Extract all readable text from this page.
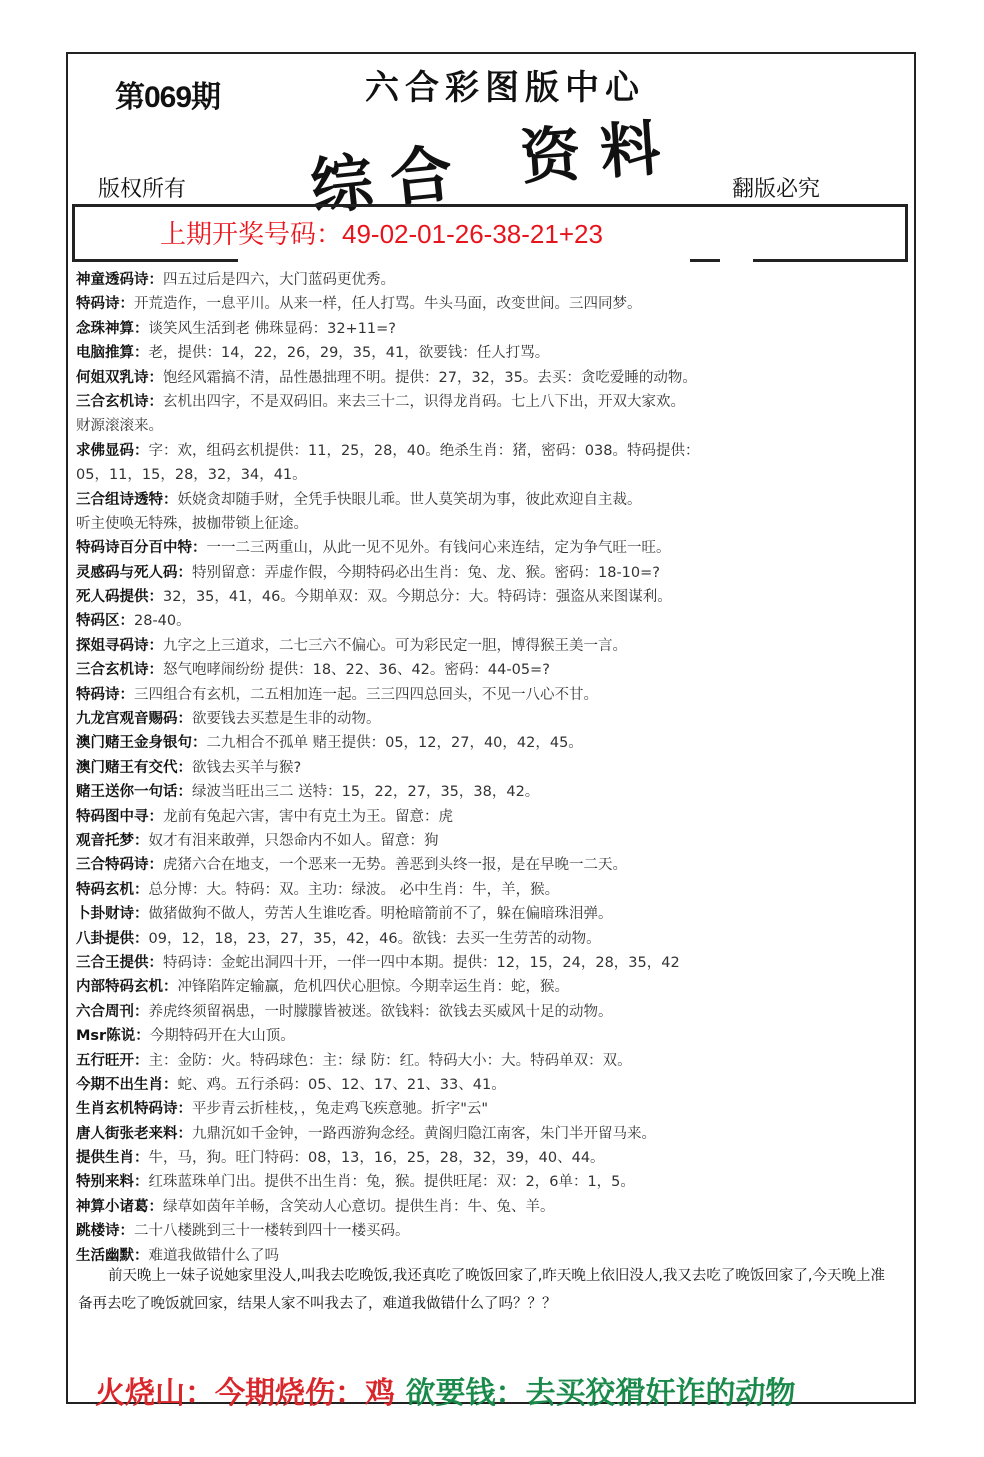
第069期	六合彩图版中心
综合 资料
版权所有	翻版必究
上期开奖号码：49-02-01-26-38-21+23
神童透码诗：四五过后是四六，大门蓝码更优秀。
特码诗：开荒造作，一息平川。从来一样，任人打骂。牛头马面，改变世间。三四同梦。
念珠神算：谈笑风生活到老 佛珠显码：32+11=?
电脑推算：老，提供：14，22，26，29，35，41，欲要钱：任人打骂。
何姐双乳诗：饱经风霜搞不清，品性愚拙理不明。提供：27，32，35。去买：贪吃爱睡的动物。
三合玄机诗：玄机出四字，不是双码旧。来去三十二，识得龙肖码。七上八下出，开双大家欢。
财源滚滚来。
求佛显码：字：欢，组码玄机提供：11，25，28，40。绝杀生肖：猪，密码：038。特码提供：
05，11，15，28，32，34，41。
三合组诗透特：妖娆贪却随手财，全凭手快眼儿乖。世人莫笑胡为事，彼此欢迎自主裁。
听主使唤无特殊，披枷带锁上征途。
特码诗百分百中特：一一二三两重山，从此一见不见外。有钱问心来连结，定为争气旺一旺。
灵感码与死人码：特别留意：弄虚作假，今期特码必出生肖：兔、龙、猴。密码：18-10=?
死人码提供：32，35，41，46。今期单双：双。今期总分：大。特码诗：强盗从来图谋利。
特码区：28-40。
探姐寻码诗：九字之上三道求，二七三六不偏心。可为彩民定一胆，博得猴王美一言。
三合玄机诗：怒气咆哮闹纷纷 提供：18、22、36、42。密码：44-05=?
特码诗：三四组合有玄机，二五相加连一起。三三四四总回头，不见一八心不甘。
九龙宫观音赐码：欲要钱去买惹是生非的动物。
澳门赌王金身银句：二九相合不孤单 赌王提供：05，12，27，40，42，45。
澳门赌王有交代：欲钱去买羊与猴?
赌王送你一句话：绿波当旺出三二 送特：15，22，27，35，38，42。
特码图中寻：龙前有兔起六害，害中有克土为王。留意：虎
观音托梦：奴才有泪来敢弹，只怨命内不如人。留意：狗
三合特码诗：虎猪六合在地支，一个恶来一无势。善恶到头终一报，是在早晚一二天。
特码玄机：总分博：大。特码：双。主功：绿波。 必中生肖：牛，羊，猴。
卜卦财诗：做猪做狗不做人，劳苦人生谁吃香。明枪暗箭前不了，躲在偏暗珠泪弹。
八卦提供：09，12，18，23，27，35，42，46。欲钱：去买一生劳苦的动物。
三合王提供：特码诗：金蛇出洞四十开，一伴一四中本期。提供：12，15，24，28，35，42
内部特码玄机：冲锋陷阵定输赢，危机四伏心胆惊。今期幸运生肖：蛇，猴。
六合周刊：养虎终须留祸患，一时朦朦皆被迷。欲钱料：欲钱去买威风十足的动物。
Msr陈说：今期特码开在大山顶。
五行旺开：主：金防：火。特码球色：主：绿 防：红。特码大小：大。特码单双：双。
今期不出生肖：蛇、鸡。五行杀码：05、12、17、21、33、41。
生肖玄机特码诗：平步青云折桂枝，，兔走鸡飞疾意驰。折字"云"
唐人街张老来料：九鼎沉如千金钟，一路西游狗念经。黄阁归隐江南客，朱门半开留马来。
提供生肖：牛，马，狗。旺门特码：08，13，16，25，28，32，39，40、44。
特别来料：红珠蓝珠单门出。提供不出生肖：兔，猴。提供旺尾：双：2，6单：1，5。
神算小诸葛：绿草如茵年羊畅，含笑动人心意切。提供生肖：牛、兔、羊。
跳楼诗：二十八楼跳到三十一楼转到四十一楼买码。
生活幽默：难道我做错什么了吗

前天晚上一妹子说她家里没人,叫我去吃晚饭,我还真吃了晚饭回家了,昨天晚上依旧没人,我又去吃了晚饭回家了,今天晚上准备再去吃了晚饭就回家，结果人家不叫我去了，难道我做错什么了吗？？？

火烧山：今期烧伤：鸡 欲要钱：去买狡猾奸诈的动物
